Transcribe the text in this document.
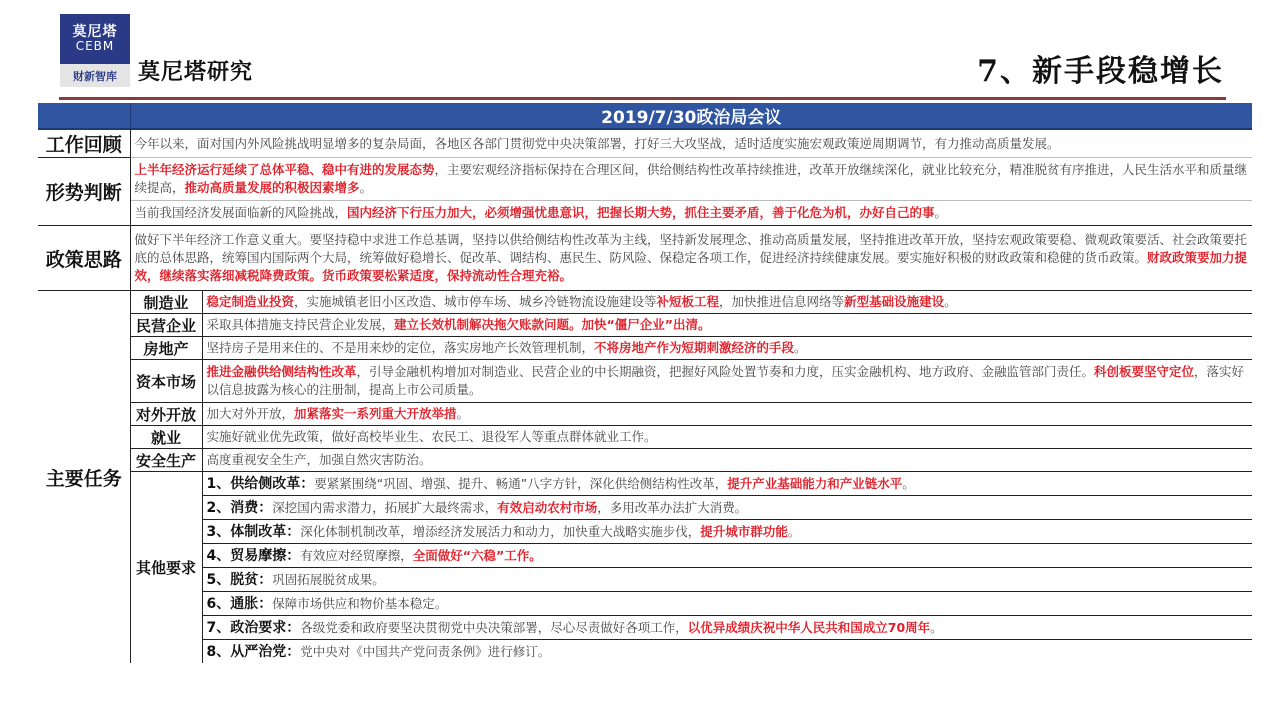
莫尼塔
CEBM
财新智库 莫尼塔研究	7、新手段稳增长
	2019/7/30政治局会议	
工作回顾	今年以来，面对国内外风险挑战明显增多的复杂局面，各地区各部门贯彻党中央决策部署，打好三大攻坚战，适时适度实施宏观政策逆周期调节，有力推动高质量发展。	
形势判断	上半年经济运行延续了总体平稳、稳中有进的发展态势，主要宏观经济指标保持在合理区间，供给侧结构性改革持续推进，改革开放继续深化，就业比较充分，精准脱贫有序推进，人民生活水平和质量继续提高，推动高质量发展的积极因素增多。	
	当前我国经济发展面临新的风险挑战，国内经济下行压力加大，必须增强忧患意识，把握长期大势，抓住主要矛盾，善于化危为机，办好自己的事。	
政策思路	做好下半年经济工作意义重大。要坚持稳中求进工作总基调，坚持以供给侧结构性改革为主线，坚持新发展理念、推动高质量发展，坚持推进改革开放，坚持宏观政策要稳、微观政策要活、社会政策要托底的总体思路，统筹国内国际两个大局，统筹做好稳增长、促改革、调结构、惠民生、防风险、保稳定各项工作，促进经济持续健康发展。要实施好积极的财政政策和稳健的货币政策。财政政策要加力提效，继续落实落细减税降费政策。货币政策要松紧适度，保持流动性合理充裕。	
主要任务	制造业	稳定制造业投资，实施城镇老旧小区改造、城市停车场、城乡冷链物流设施建设等补短板工程，加快推进信息网络等新型基础设施建设。
	民营企业	采取具体措施支持民营企业发展，建立长效机制解决拖欠账款问题。加快“僵尸企业”出清。
	房地产	坚持房子是用来住的、不是用来炒的定位，落实房地产长效管理机制，不将房地产作为短期刺激经济的手段。
	资本市场	推进金融供给侧结构性改革，引导金融机构增加对制造业、民营企业的中长期融资，把握好风险处置节奏和力度，压实金融机构、地方政府、金融监管部门责任。科创板要坚守定位，落实好以信息披露为核心的注册制，提高上市公司质量。
	对外开放	加大对外开放，加紧落实一系列重大开放举措。
	就业	实施好就业优先政策，做好高校毕业生、农民工、退役军人等重点群体就业工作。
	安全生产	高度重视安全生产，加强自然灾害防治。
	其他要求	1、供给侧改革：要紧紧围绕“巩固、增强、提升、畅通”八字方针，深化供给侧结构性改革，提升产业基础能力和产业链水平。
		2、消费：深挖国内需求潜力，拓展扩大最终需求，有效启动农村市场，多用改革办法扩大消费。
		3、体制改革：深化体制机制改革，增添经济发展活力和动力，加快重大战略实施步伐，提升城市群功能。
		4、贸易摩擦：有效应对经贸摩擦，全面做好“六稳”工作。
		5、脱贫：巩固拓展脱贫成果。
		6、通胀：保障市场供应和物价基本稳定。
		7、政治要求：各级党委和政府要坚决贯彻党中央决策部署，尽心尽责做好各项工作，以优异成绩庆祝中华人民共和国成立70周年。
		8、从严治党：党中央对《中国共产党问责条例》进行修订。
